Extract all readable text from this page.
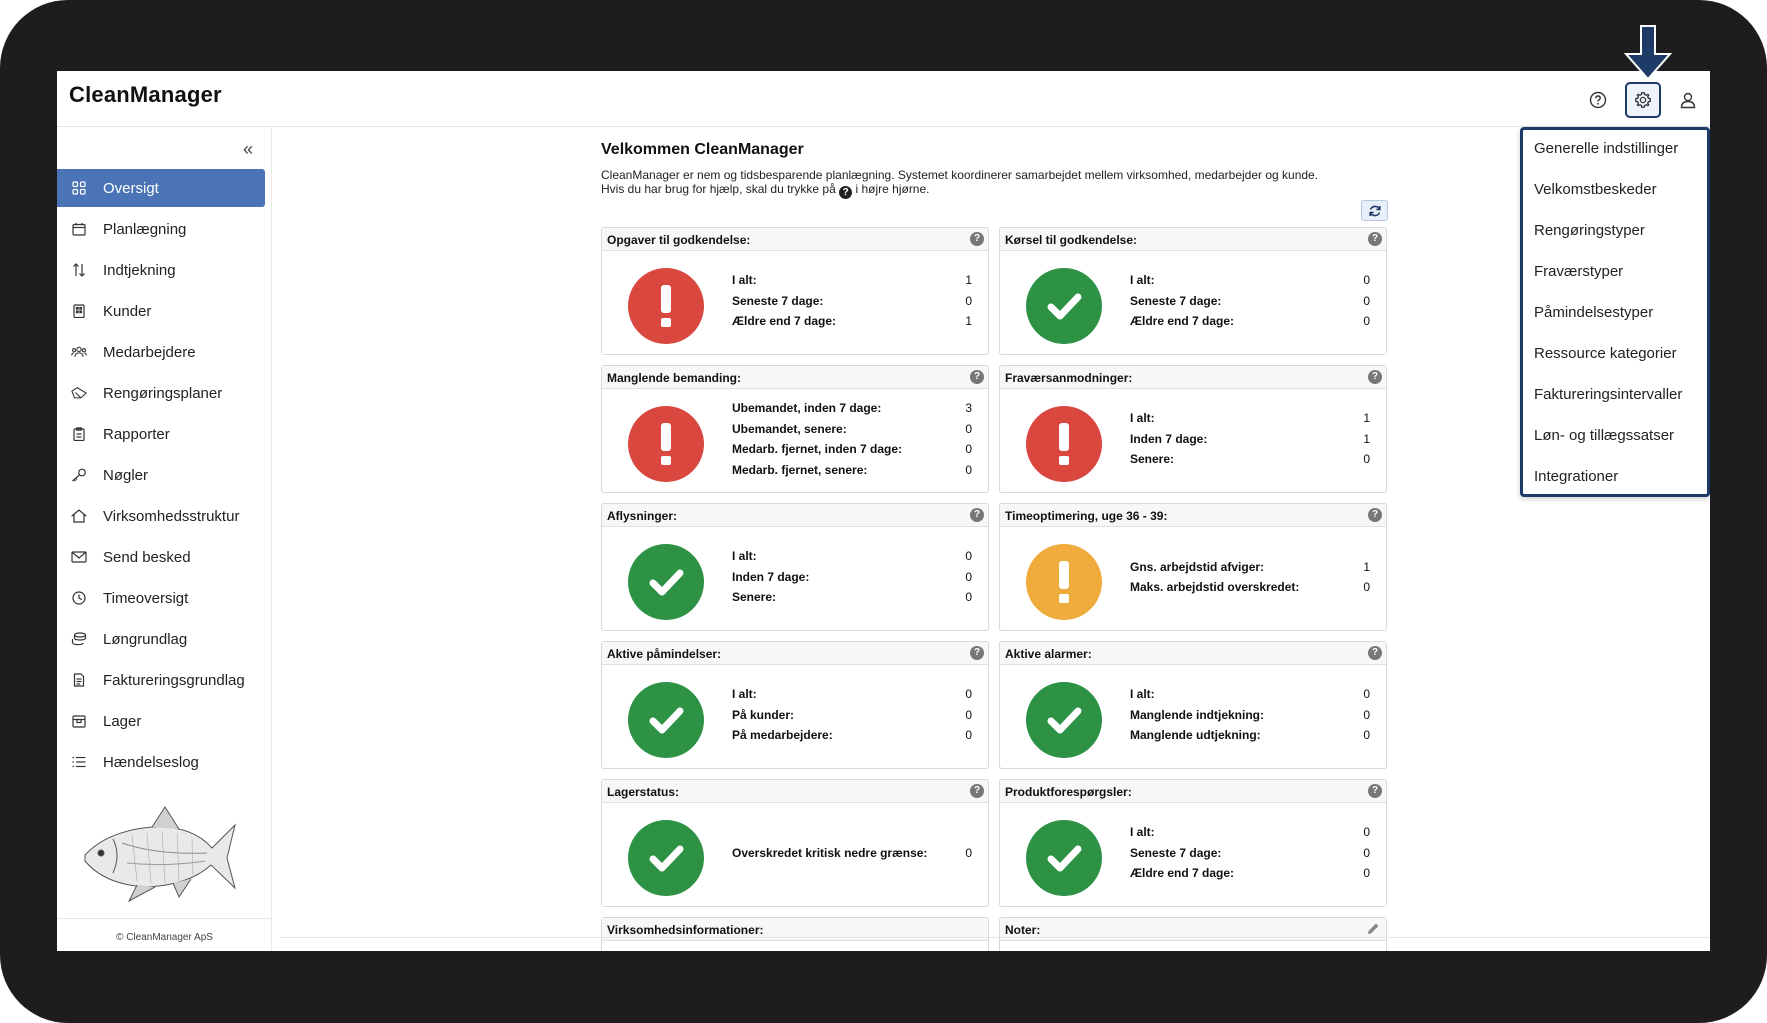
CleanManager
«
Oversigt
Planlægning
Indtjekning
Kunder
Medarbejdere
Rengøringsplaner
Rapporter
Nøgler
Virksomhedsstruktur
Send besked
Timeoversigt
Løngrundlag
Faktureringsgrundlag
Lager
Hændelseslog
© CleanManager ApS
Velkommen CleanManager
CleanManager er nem og tidsbesparende planlægning. Systemet koordinerer samarbejdet mellem virksomhed, medarbejder og kunde.
Hvis du har brug for hjælp, skal du trykke på ? i højre hjørne.
Opgaver til godkendelse:	?
I alt:	1
Seneste 7 dage:	0
Ældre end 7 dage:	1
Kørsel til godkendelse:	?
I alt:	0
Seneste 7 dage:	0
Ældre end 7 dage:	0
Manglende bemanding:	?
Ubemandet, inden 7 dage:	3
Ubemandet, senere:	0
Medarb. fjernet, inden 7 dage:	0
Medarb. fjernet, senere:	0
Fraværsanmodninger:	?
I alt:	1
Inden 7 dage:	1
Senere:	0
Aflysninger:	?
I alt:	0
Inden 7 dage:	0
Senere:	0
Timeoptimering, uge 36 - 39:	?
Gns. arbejdstid afviger:	1
Maks. arbejdstid overskredet:	0
Aktive påmindelser:	?
I alt:	0
På kunder:	0
På medarbejdere:	0
Aktive alarmer:	?
I alt:	0
Manglende indtjekning:	0
Manglende udtjekning:	0
Lagerstatus:	?
Overskredet kritisk nedre grænse:	0
Produktforespørgsler:	?
I alt:	0
Seneste 7 dage:	0
Ældre end 7 dage:	0
Virksomhedsinformationer:	Noter:
Generelle indstillinger
Velkomstbeskeder
Rengøringstyper
Fraværstyper
Påmindelsestyper
Ressource kategorier
Faktureringsintervaller
Løn- og tillægssatser
Integrationer
